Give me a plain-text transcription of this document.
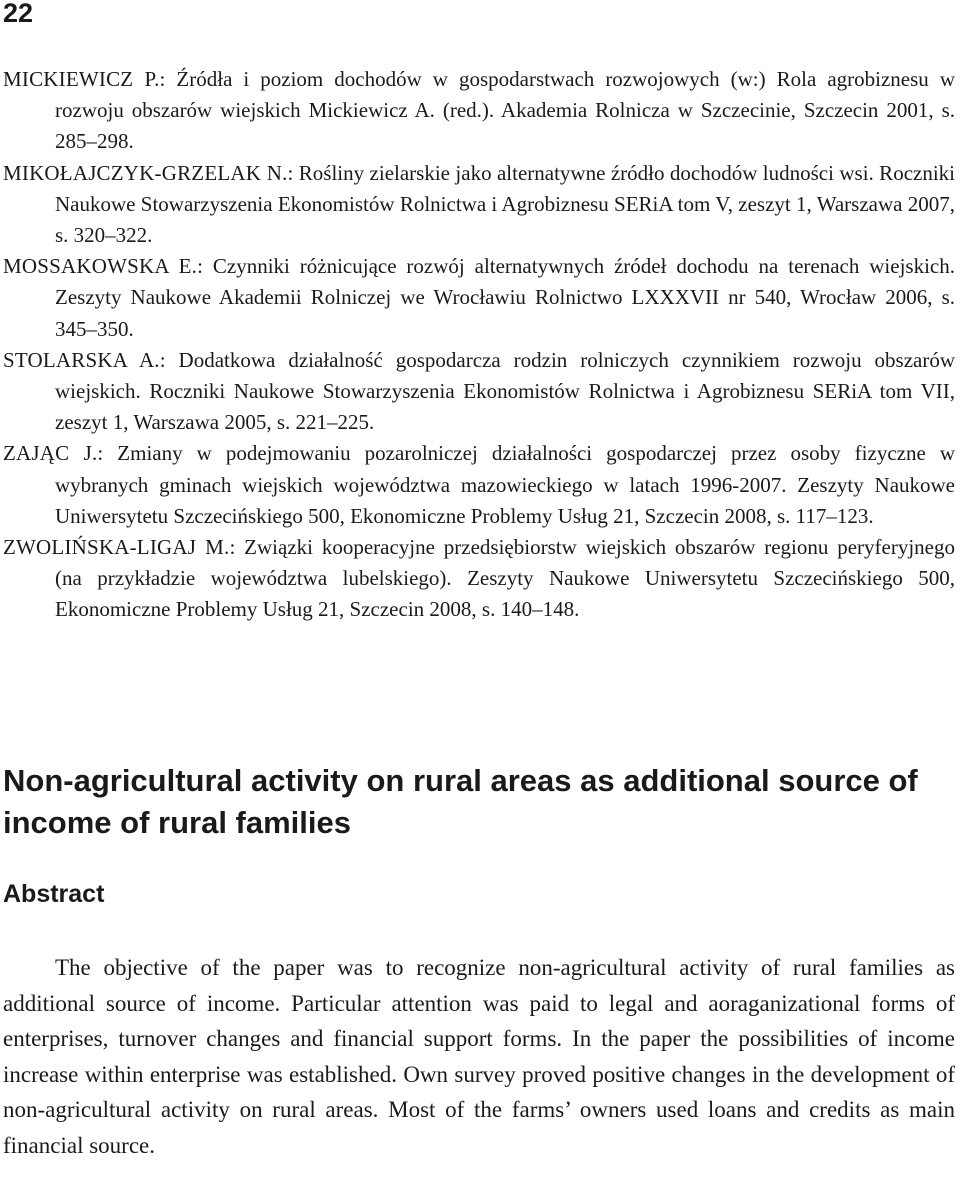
22

MICKIEWICZ P.: Źródła i poziom dochodów w gospodarstwach rozwojowych (w:) Rola agrobiznesu w rozwoju obszarów wiejskich Mickiewicz A. (red.). Akademia Rolnicza w Szczecinie, Szczecin 2001, s. 285–298.

MIKOŁAJCZYK-GRZELAK N.: Rośliny zielarskie jako alternatywne źródło dochodów ludności wsi. Roczniki Naukowe Stowarzyszenia Ekonomistów Rolnictwa i Agrobiznesu SERiA tom V, zeszyt 1, Warszawa 2007, s. 320–322.

MOSSAKOWSKA E.: Czynniki różnicujące rozwój alternatywnych źródeł dochodu na terenach wiejskich. Zeszyty Naukowe Akademii Rolniczej we Wrocławiu Rolnictwo LXXXVII nr 540, Wrocław 2006, s. 345–350.

STOLARSKA A.: Dodatkowa działalność gospodarcza rodzin rolniczych czynnikiem rozwoju obszarów wiejskich. Roczniki Naukowe Stowarzyszenia Ekonomistów Rolnictwa i Agrobiznesu SERiA tom VII, zeszyt 1, Warszawa 2005, s. 221–225.

ZAJĄC J.: Zmiany w podejmowaniu pozarolniczej działalności gospodarczej przez osoby fizyczne w wybranych gminach wiejskich województwa mazowieckiego w latach 1996-2007. Zeszyty Naukowe Uniwersytetu Szczecińskiego 500, Ekonomiczne Problemy Usług 21, Szczecin 2008, s. 117–123.

ZWOLIŃSKA-LIGAJ M.: Związki kooperacyjne przedsiębiorstw wiejskich obszarów regionu peryferyjnego (na przykładzie województwa lubelskiego). Zeszyty Naukowe Uniwersytetu Szczecińskiego 500, Ekonomiczne Problemy Usług 21, Szczecin 2008, s. 140–148.

Non-agricultural activity on rural areas as additional source of income of rural families
Abstract

The objective of the paper was to recognize non-agricultural activity of rural families as additional source of income. Particular attention was paid to legal and aoraganizational forms of enterprises, turnover changes and financial support forms. In the paper the possibilities of income increase within enterprise was established. Own survey proved positive changes in the development of non-agricultural activity on rural areas. Most of the farms’ owners used loans and credits as main financial source.
